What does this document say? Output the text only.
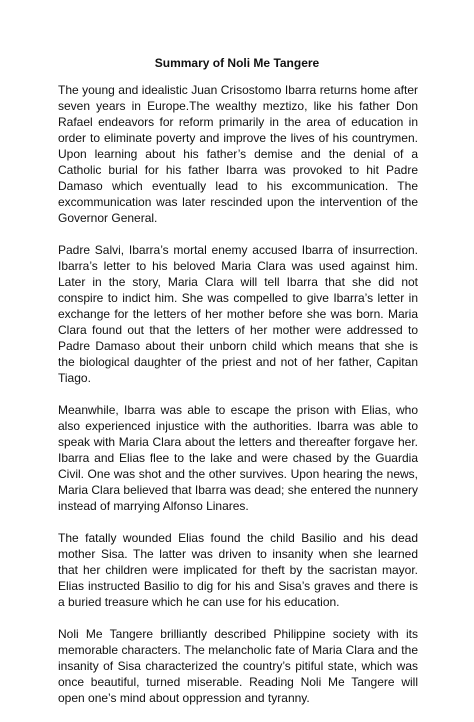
Summary of Noli Me Tangere

The young and idealistic Juan Crisostomo Ibarra returns home after seven years in Europe.The wealthy meztizo, like his father Don Rafael endeavors for reform primarily in the area of education in order to eliminate poverty and improve the lives of his countrymen. Upon learning about his father’s demise and the denial of a Catholic burial for his father Ibarra was provoked to hit Padre Damaso which eventually lead to his excommunication. The excommunication was later rescinded upon the intervention of the Governor General.

Padre Salvi, Ibarra’s mortal enemy accused Ibarra of insurrection. Ibarra’s letter to his beloved Maria Clara was used against him. Later in the story, Maria Clara will tell Ibarra that she did not conspire to indict him. She was compelled to give Ibarra’s letter in exchange for the letters of her mother before she was born. Maria Clara found out that the letters of her mother were addressed to Padre Damaso about their unborn child which means that she is the biological daughter of the priest and not of her father, Capitan Tiago.

Meanwhile, Ibarra was able to escape the prison with Elias, who also experienced injustice with the authorities. Ibarra was able to speak with Maria Clara about the letters and thereafter forgave her. Ibarra and Elias flee to the lake and were chased by the Guardia Civil. One was shot and the other survives. Upon hearing the news, Maria Clara believed that Ibarra was dead; she entered the nunnery instead of marrying Alfonso Linares.

The fatally wounded Elias found the child Basilio and his dead mother Sisa. The latter was driven to insanity when she learned that her children were implicated for theft by the sacristan mayor. Elias instructed Basilio to dig for his and Sisa’s graves and there is a buried treasure which he can use for his education.

Noli Me Tangere brilliantly described Philippine society with its memorable characters. The melancholic fate of Maria Clara and the insanity of Sisa characterized the country’s pitiful state, which was once beautiful, turned miserable. Reading Noli Me Tangere will open one’s mind about oppression and tyranny.
